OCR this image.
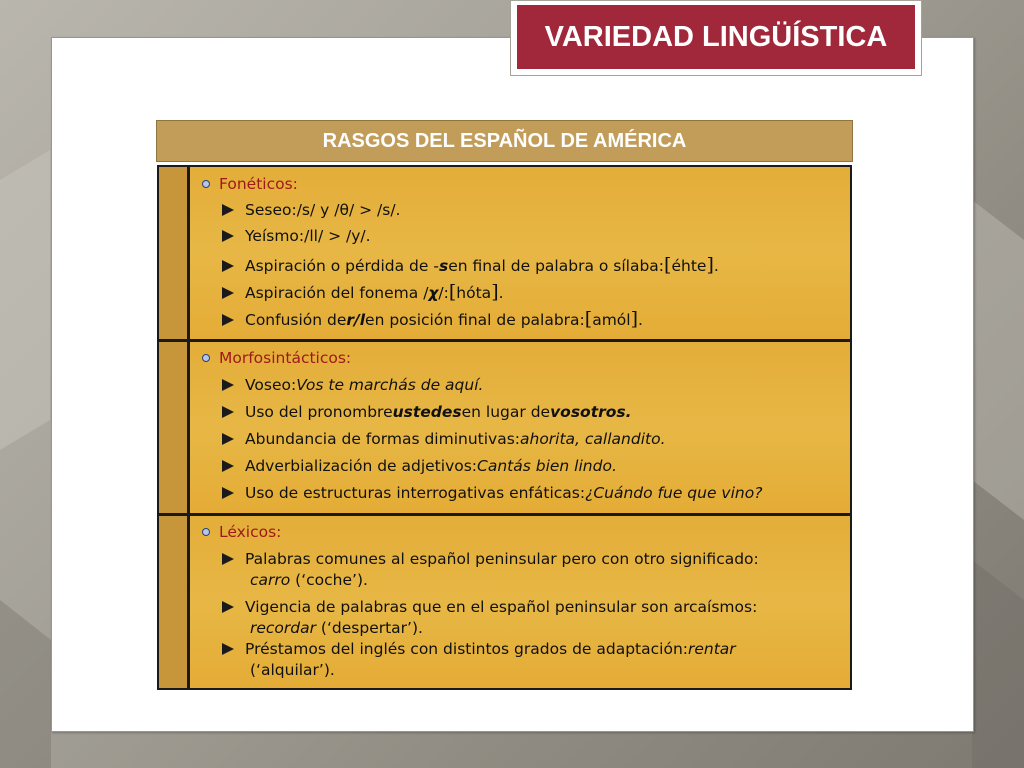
VARIEDAD LINGÜÍSTICA
RASGOS DEL ESPAÑOL DE AMÉRICA
Fonéticos:
Seseo: /s/ y /θ/ > /s/.
Yeísmo: /ll/ > /y/.
Aspiración o pérdida de - s en final de palabra o sílaba: [ éhte ] .
Aspiración del fonema / χ /: [ hóta ] .
Confusión de r/l en posición final de palabra: [ amól ] .
Morfosintácticos:
Voseo: Vos te marchás de aquí.
Uso del pronombre ustedes en lugar de vosotros.
Abundancia de formas diminutivas: ahorita, callandito.
Adverbialización de adjetivos: Cantás bien lindo.
Uso de estructuras interrogativas enfáticas: ¿Cuándo fue que vino?
Léxicos:
Palabras comunes al español peninsular pero con otro significado:
carro (‘coche’).
Vigencia de palabras que en el español peninsular son arcaísmos:
recordar (‘despertar’).
Préstamos del inglés con distintos grados de adaptación: rentar
(‘alquilar’).
